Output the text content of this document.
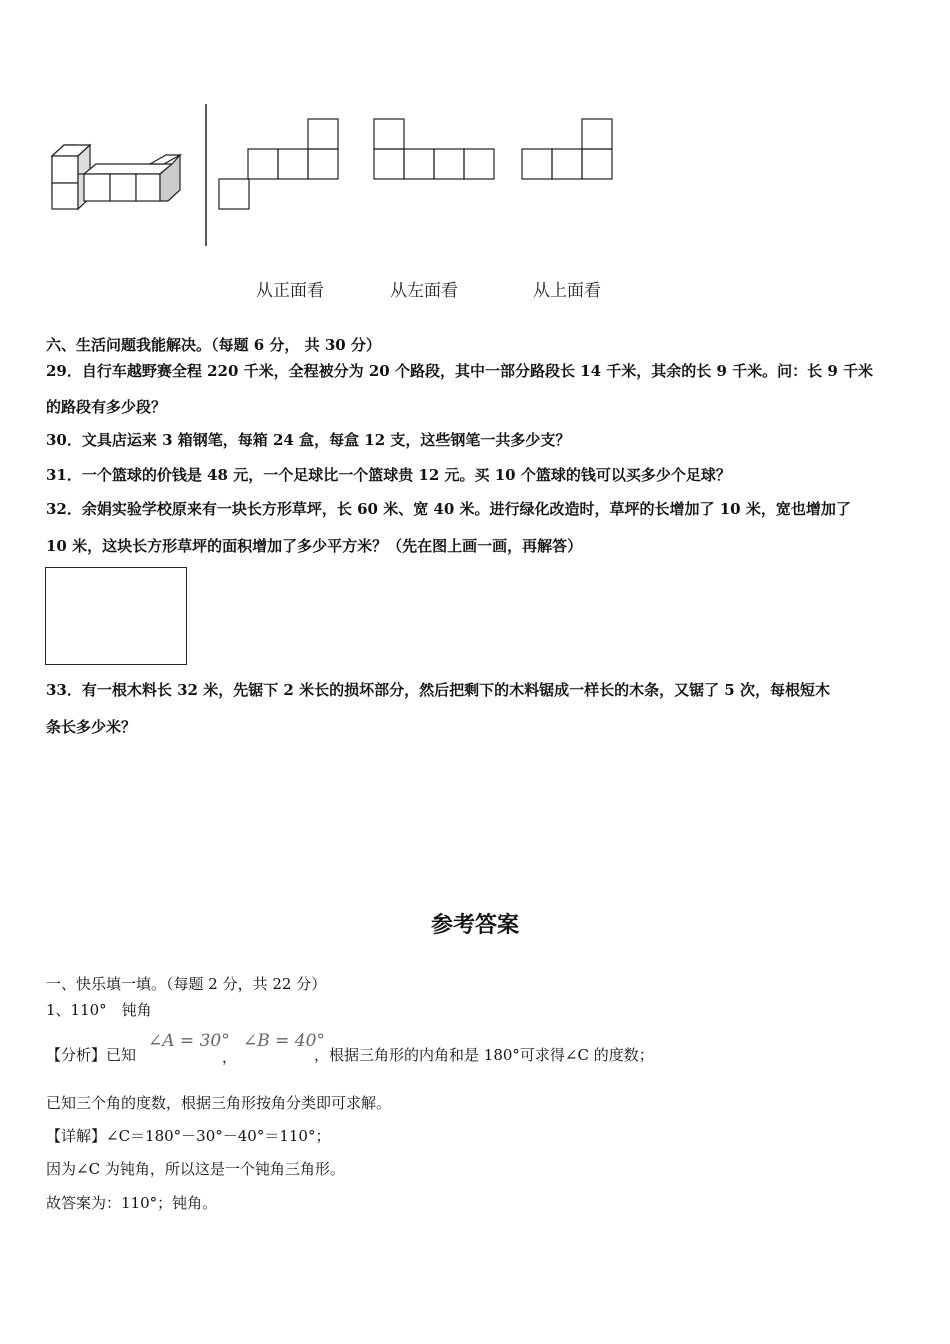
从正面看	从左面看	从上面看
六、生活问题我能解决。（每题 6 分， 共 30 分）
29．自行车越野赛全程 220 千米，全程被分为 20 个路段，其中一部分路段长 14 千米，其余的长 9 千米。问：长 9 千米
的路段有多少段？
30．文具店运来 3 箱钢笔，每箱 24 盒，每盒 12 支，这些钢笔一共多少支？
31．一个篮球的价钱是 48 元，一个足球比一个篮球贵 12 元。买 10 个篮球的钱可以买多少个足球？
32．余娟实验学校原来有一块长方形草坪，长 60 米、宽 40 米。进行绿化改造时，草坪的长增加了 10 米，宽也增加了
10 米，这块长方形草坪的面积增加了多少平方米？（先在图上画一画，再解答）
33．有一根木料长 32 米，先锯下 2 米长的损坏部分，然后把剩下的木料锯成一样长的木条，又锯了 5 次，每根短木
条长多少米？
参考答案
一、快乐填一填。（每题 2 分，共 22 分）
1、110°　钝角
【分析】已知
∠A = 30°
，
∠B = 40°
，根据三角形的内角和是 180°可求得∠C 的度数；
已知三个角的度数，根据三角形按角分类即可求解。
【详解】∠C＝180°－30°－40°＝110°；
因为∠C 为钝角，所以这是一个钝角三角形。
故答案为：110°；钝角。
